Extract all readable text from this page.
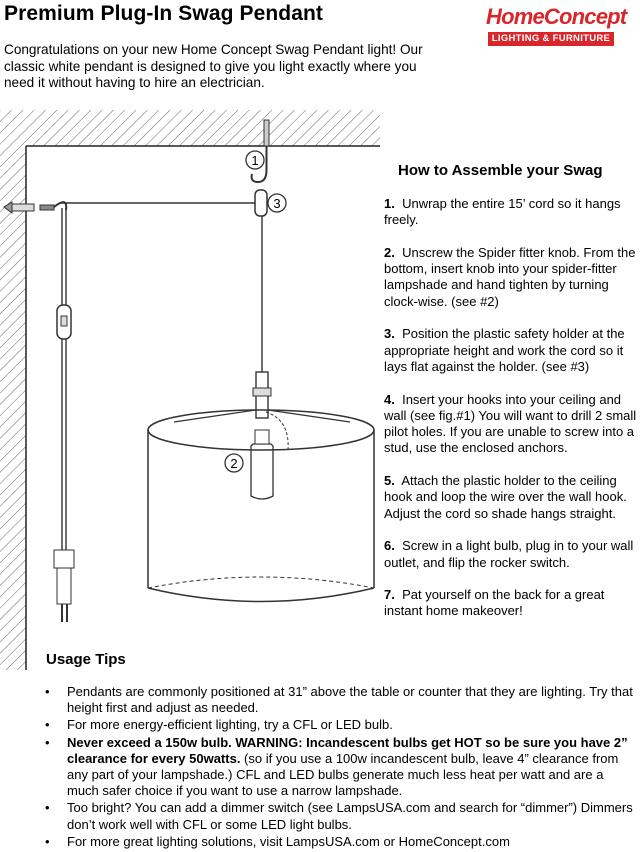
Premium Plug-In Swag Pendant
Congratulations on your new Home Concept Swag Pendant light! Our classic white pendant is designed to give you light exactly where you need it without having to hire an electrician.
HomeConcept
LIGHTING & FURNITURE
1
3
2
How to Assemble your Swag
1. Unwrap the entire 15’ cord so it hangs freely.
2. Unscrew the Spider fitter knob. From the bottom, insert knob into your spider-fitter lampshade and hand tighten by turning clock-wise. (see #2)
3. Position the plastic safety holder at the appropriate height and work the cord so it lays flat against the holder. (see #3)
4. Insert your hooks into your ceiling and wall (see fig.#1) You will want to drill 2 small pilot holes. If you are unable to screw into a stud, use the enclosed anchors.
5. Attach the plastic holder to the ceiling hook and loop the wire over the wall hook. Adjust the cord so shade hangs straight.
6. Screw in a light bulb, plug in to your wall outlet, and flip the rocker switch.
7. Pat yourself on the back for a great instant home makeover!
Usage Tips
• Pendants are commonly positioned at 31” above the table or counter that they are lighting. Try that height first and adjust as needed.
• For more energy-efficient lighting, try a CFL or LED bulb.
• Never exceed a 150w bulb. WARNING: Incandescent bulbs get HOT so be sure you have 2” clearance for every 50watts. (so if you use a 100w incandescent bulb, leave 4” clearance from any part of your lampshade.) CFL and LED bulbs generate much less heat per watt and are a much safer choice if you want to use a narrow lampshade.
• Too bright? You can add a dimmer switch (see LampsUSA.com and search for “dimmer”) Dimmers don’t work well with CFL or some LED light bulbs.
• For more great lighting solutions, visit LampsUSA.com or HomeConcept.com
